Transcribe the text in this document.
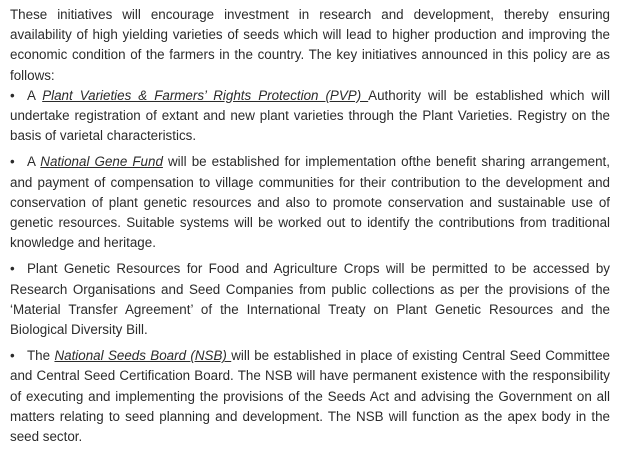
These initiatives will encourage investment in research and development, thereby ensuring availability of high yielding varieties of seeds which will lead to higher production and improving the economic condition of the farmers in the country. The key initiatives announced in this policy are as follows:

• A Plant Varieties & Farmers’ Rights Protection (PVP) Authority will be established which will undertake registration of extant and new plant varieties through the Plant Varieties. Registry on the basis of varietal characteristics.

• A National Gene Fund will be established for implementation ofthe benefit sharing arrangement, and payment of compensation to village communities for their contribution to the development and conservation of plant genetic resources and also to promote conservation and sustainable use of genetic resources. Suitable systems will be worked out to identify the contributions from traditional knowledge and heritage.

• Plant Genetic Resources for Food and Agriculture Crops will be permitted to be accessed by Research Organisations and Seed Companies from public collections as per the provisions of the ‘Material Transfer Agreement’ of the International Treaty on Plant Genetic Resources and the Biological Diversity Bill.

• The National Seeds Board (NSB) will be established in place of existing Central Seed Committee and Central Seed Certification Board. The NSB will have permanent existence with the responsibility of executing and implementing the provisions of the Seeds Act and advising the Government on all matters relating to seed planning and development. The NSB will function as the apex body in the seed sector.
